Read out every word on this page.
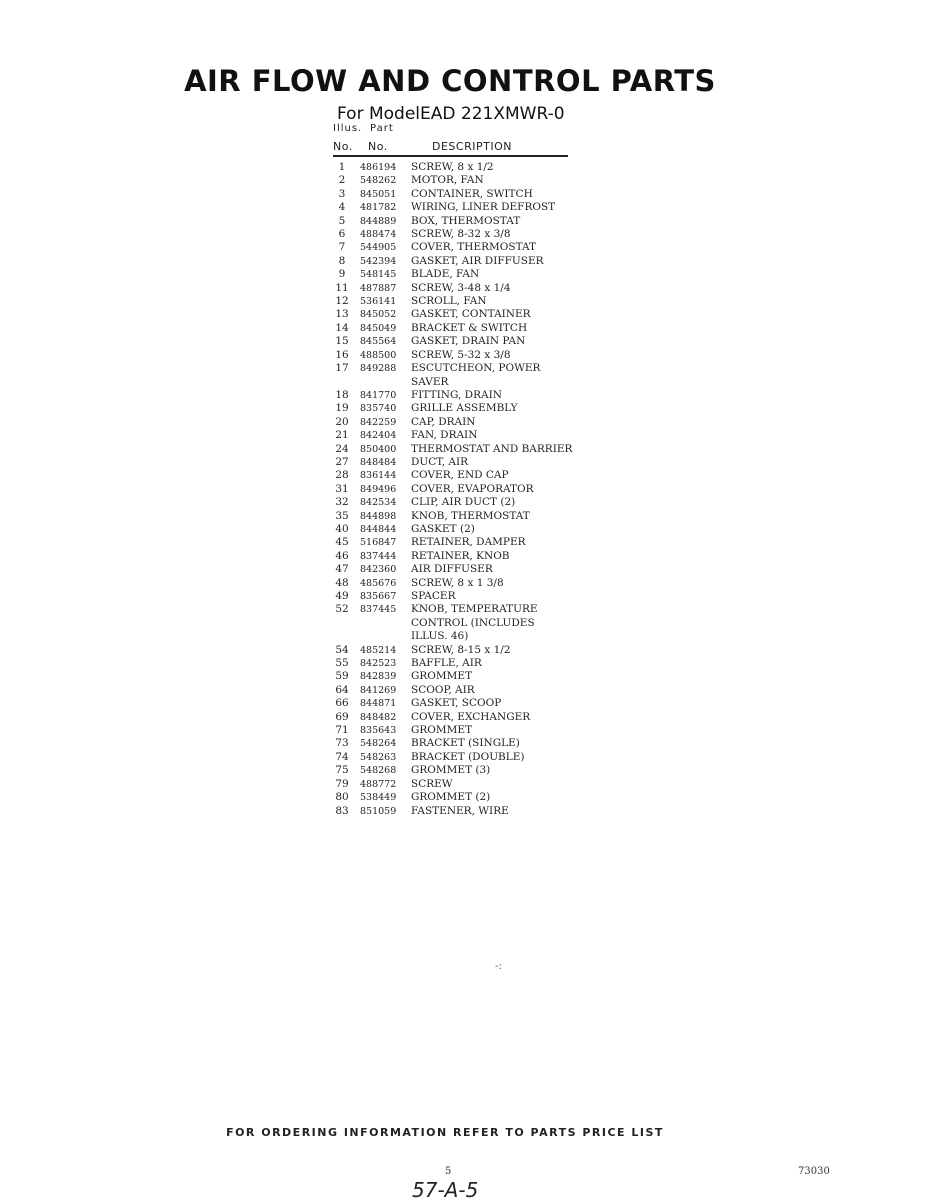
AIR FLOW AND CONTROL PARTS
For ModelEAD 221XMWR-0
Illus. Part
No. No.	DESCRIPTION
1	486194 SCREW, 8 x 1/2
2	548262 MOTOR, FAN
3	845051 CONTAINER, SWITCH
4	481782 WIRING, LINER DEFROST
5	844889 BOX, THERMOSTAT
6	488474 SCREW, 8-32 x 3/8
7	544905 COVER, THERMOSTAT
8	542394 GASKET, AIR DIFFUSER
9	548145 BLADE, FAN
11 487887 SCREW, 3-48 x 1/4
12 536141 SCROLL, FAN
13 845052 GASKET, CONTAINER
14 845049 BRACKET & SWITCH
15 845564 GASKET, DRAIN PAN
16 488500 SCREW, 5-32 x 3/8
17 849288 ESCUTCHEON, POWER
SAVER
18 841770 FITTING, DRAIN
19 835740 GRILLE ASSEMBLY
20 842259 CAP, DRAIN
21 842404 FAN, DRAIN
24 850400 THERMOSTAT AND BARRIER
27 848484 DUCT, AIR
28 836144 COVER, END CAP
31 849496 COVER, EVAPORATOR
32 842534 CLIP, AIR DUCT (2)
35 844898 KNOB, THERMOSTAT
40 844844 GASKET (2)
45 516847 RETAINER, DAMPER
46 837444 RETAINER, KNOB
47 842360 AIR DIFFUSER
48 485676 SCREW, 8 x 1 3/8
49 835667 SPACER
52 837445 KNOB, TEMPERATURE
CONTROL (INCLUDES
ILLUS. 46)
54 485214 SCREW, 8-15 x 1/2
55 842523 BAFFLE, AIR
59 842839 GROMMET
64 841269 SCOOP, AIR
66 844871 GASKET, SCOOP
69 848482 COVER, EXCHANGER
71 835643 GROMMET
73 548264 BRACKET (SINGLE)
74 548263 BRACKET (DOUBLE)
75 548268 GROMMET (3)
79 488772 SCREW
80 538449 GROMMET (2)
83 851059 FASTENER, WIRE
-:
FOR ORDERING INFORMATION REFER TO PARTS PRICE LIST
5	73030
57-A-5
